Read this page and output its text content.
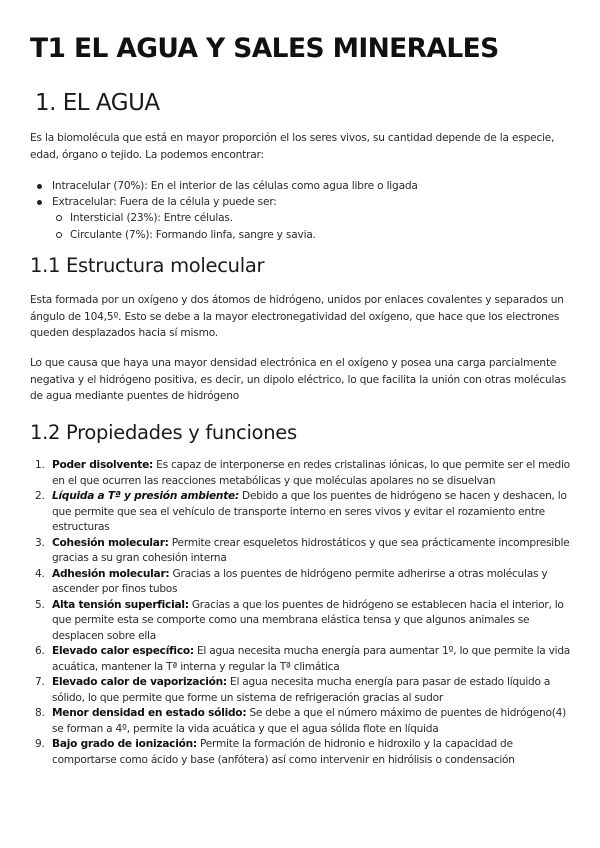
T1 EL AGUA Y SALES MINERALES
1. EL AGUA

Es la biomolécula que está en mayor proporción el los seres vivos, su cantidad depende de la especie, edad, órgano o tejido. La podemos encontrar:

Intracelular (70%): En el interior de las células como agua libre o ligada
Extracelular: Fuera de la célula y puede ser:
Intersticial (23%): Entre células.
Circulante (7%): Formando linfa, sangre y savia.
1.1 Estructura molecular

Esta formada por un oxígeno y dos átomos de hidrógeno, unidos por enlaces covalentes y separados un ángulo de 104,5º. Esto se debe a la mayor electronegatividad del oxígeno, que hace que los electrones queden desplazados hacia sí mismo.

Lo que causa que haya una mayor densidad electrónica en el oxígeno y posea una carga parcialmente negativa y el hidrógeno positiva, es decir, un dipolo eléctrico, lo que facilita la unión con otras moléculas de agua mediante puentes de hidrógeno

1.2 Propiedades y funciones
1. Poder disolvente: Es capaz de interponerse en redes cristalinas iónicas, lo que permite ser el medio en el que ocurren las reacciones metabólicas y que moléculas apolares no se disuelvan
2. Líquida a Tª y presión ambiente: Debido a que los puentes de hidrógeno se hacen y deshacen, lo que permite que sea el vehículo de transporte interno en seres vivos y evitar el rozamiento entre estructuras
3. Cohesión molecular: Permite crear esqueletos hidrostáticos y que sea prácticamente incompresible gracias a su gran cohesión interna
4. Adhesión molecular: Gracias a los puentes de hidrógeno permite adherirse a otras moléculas y ascender por finos tubos
5. Alta tensión superficial: Gracias a que los puentes de hidrógeno se establecen hacia el interior, lo que permite esta se comporte como una membrana elástica tensa y que algunos animales se desplacen sobre ella
6. Elevado calor específico: El agua necesita mucha energía para aumentar 1º, lo que permite la vida acuática, mantener la Tª interna y regular la Tª climática
7. Elevado calor de vaporización: El agua necesita mucha energía para pasar de estado líquido a sólido, lo que permite que forme un sistema de refrigeración gracias al sudor
8. Menor densidad en estado sólido: Se debe a que el número máximo de puentes de hidrógeno(4) se forman a 4º, permite la vida acuática y que el agua sólida flote en líquida
9. Bajo grado de ionización: Permite la formación de hidronio e hidroxilo y la capacidad de comportarse como ácido y base (anfótera) así como intervenir en hidrólisis o condensación
